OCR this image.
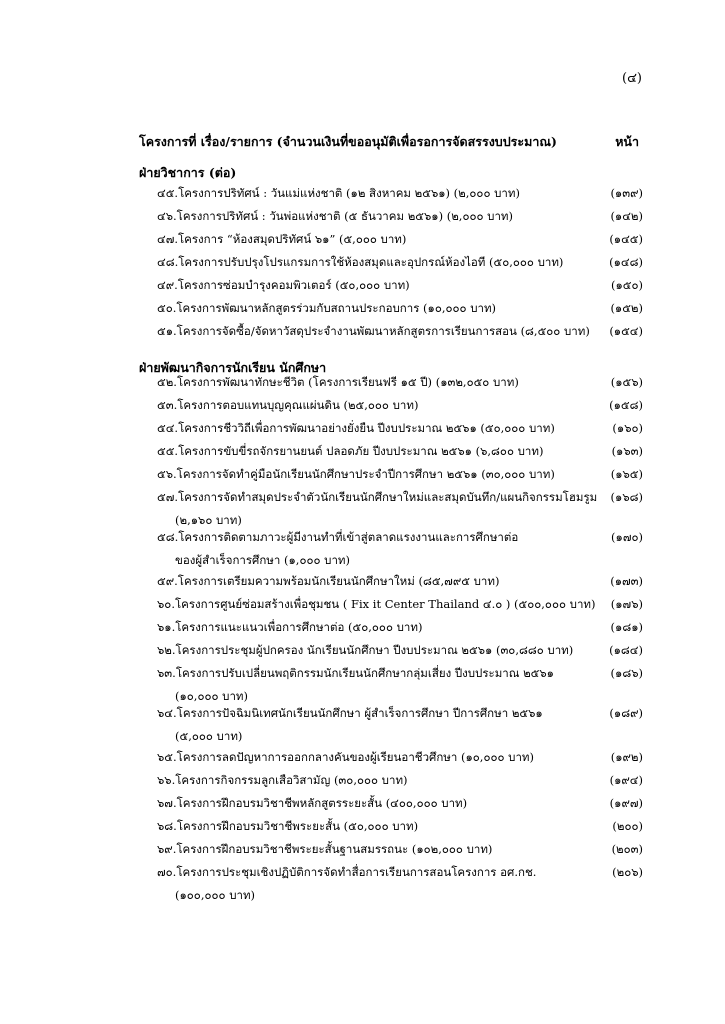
(๔)
โครงการที่ เรื่อง/รายการ (จำนวนเงินที่ขออนุมัติเพื่อรอการจัดสรรงบประมาณ)	หน้า
ฝ่ายวิชาการ (ต่อ)
ฝ่ายพัฒนากิจการนักเรียน นักศึกษา
๔๕.โครงการปริทัศน์ : วันแม่แห่งชาติ (๑๒ สิงหาคม ๒๕๖๑) (๒,๐๐๐ บาท)	(๑๓๙)
๔๖.โครงการปริทัศน์ : วันพ่อแห่งชาติ (๕ ธันวาคม ๒๕๖๑) (๒,๐๐๐ บาท)	(๑๔๒)
๔๗.โครงการ “ห้องสมุดปริทัศน์ ๖๑” (๕,๐๐๐ บาท)	(๑๔๕)
๔๘.โครงการปรับปรุงโปรแกรมการใช้ห้องสมุดและอุปกรณ์ห้องไอที (๕๐,๐๐๐ บาท)	(๑๔๘)
๔๙.โครงการซ่อมบำรุงคอมพิวเตอร์ (๕๐,๐๐๐ บาท)	(๑๕๐)
๕๐.โครงการพัฒนาหลักสูตรร่วมกับสถานประกอบการ (๑๐,๐๐๐ บาท)	(๑๕๒)
๕๑.โครงการจัดซื้อ/จัดหาวัสดุประจำงานพัฒนาหลักสูตรการเรียนการสอน (๘,๕๐๐ บาท)	(๑๕๔)
๕๒.โครงการพัฒนาทักษะชีวิต (โครงการเรียนฟรี ๑๕ ปี) (๑๓๒,๐๕๐ บาท)	(๑๕๖)
๕๓.โครงการตอบแทนบุญคุณแผ่นดิน (๒๕,๐๐๐ บาท)	(๑๕๘)
๕๔.โครงการชีววิถีเพื่อการพัฒนาอย่างยั่งยืน ปีงบประมาณ ๒๕๖๑ (๕๐,๐๐๐ บาท)	(๑๖๐)
๕๕.โครงการขับขี่รถจักรยานยนต์ ปลอดภัย ปีงบประมาณ ๒๕๖๑ (๖,๘๐๐ บาท)	(๑๖๓)
๕๖.โครงการจัดทำคู่มือนักเรียนนักศึกษาประจำปีการศึกษา ๒๕๖๑ (๓๐,๐๐๐ บาท)	(๑๖๕)
๕๗.โครงการจัดทำสมุดประจำตัวนักเรียนนักศึกษาใหม่และสมุดบันทึก/แผนกิจกรรมโฮมรูม
(๒,๑๖๐ บาท)
(๑๖๘)
๕๘.โครงการติดตามภาวะผู้มีงานทำที่เข้าสู่ตลาดแรงงานและการศึกษาต่อ
ของผู้สำเร็จการศึกษา (๑,๐๐๐ บาท)
(๑๗๐)
๕๙.โครงการเตรียมความพร้อมนักเรียนนักศึกษาใหม่ (๘๕,๗๙๕ บาท)	(๑๗๓)
๖๐.โครงการศูนย์ซ่อมสร้างเพื่อชุมชน ( Fix it Center Thailand ๔.๐ ) (๕๐๐,๐๐๐ บาท)	(๑๗๖)
๖๑.โครงการแนะแนวเพื่อการศึกษาต่อ (๕๐,๐๐๐ บาท)	(๑๘๑)
๖๒.โครงการประชุมผู้ปกครอง นักเรียนนักศึกษา ปีงบประมาณ ๒๕๖๑ (๓๐,๘๘๐ บาท)	(๑๘๔)
๖๓.โครงการปรับเปลี่ยนพฤติกรรมนักเรียนนักศึกษากลุ่มเสี่ยง ปีงบประมาณ ๒๕๖๑
(๑๐,๐๐๐ บาท)
(๑๘๖)
๖๔.โครงการปัจฉิมนิเทศนักเรียนนักศึกษา ผู้สำเร็จการศึกษา ปีการศึกษา ๒๕๖๑
(๕,๐๐๐ บาท)
(๑๘๙)
๖๕.โครงการลดปัญหาการออกกลางคันของผู้เรียนอาชีวศึกษา (๑๐,๐๐๐ บาท)	(๑๙๒)
๖๖.โครงการกิจกรรมลูกเสือวิสามัญ (๓๐,๐๐๐ บาท)	(๑๙๔)
๖๗.โครงการฝึกอบรมวิชาชีพหลักสูตรระยะสั้น (๔๐๐,๐๐๐ บาท)	(๑๙๗)
๖๘.โครงการฝึกอบรมวิชาชีพระยะสั้น (๕๐,๐๐๐ บาท)	(๒๐๐)
๖๙.โครงการฝึกอบรมวิชาชีพระยะสั้นฐานสมรรถนะ (๑๐๒,๐๐๐ บาท)	(๒๐๓)
๗๐.โครงการประชุมเชิงปฏิบัติการจัดทำสื่อการเรียนการสอนโครงการ อศ.กช.
(๑๐๐,๐๐๐ บาท)
(๒๐๖)
